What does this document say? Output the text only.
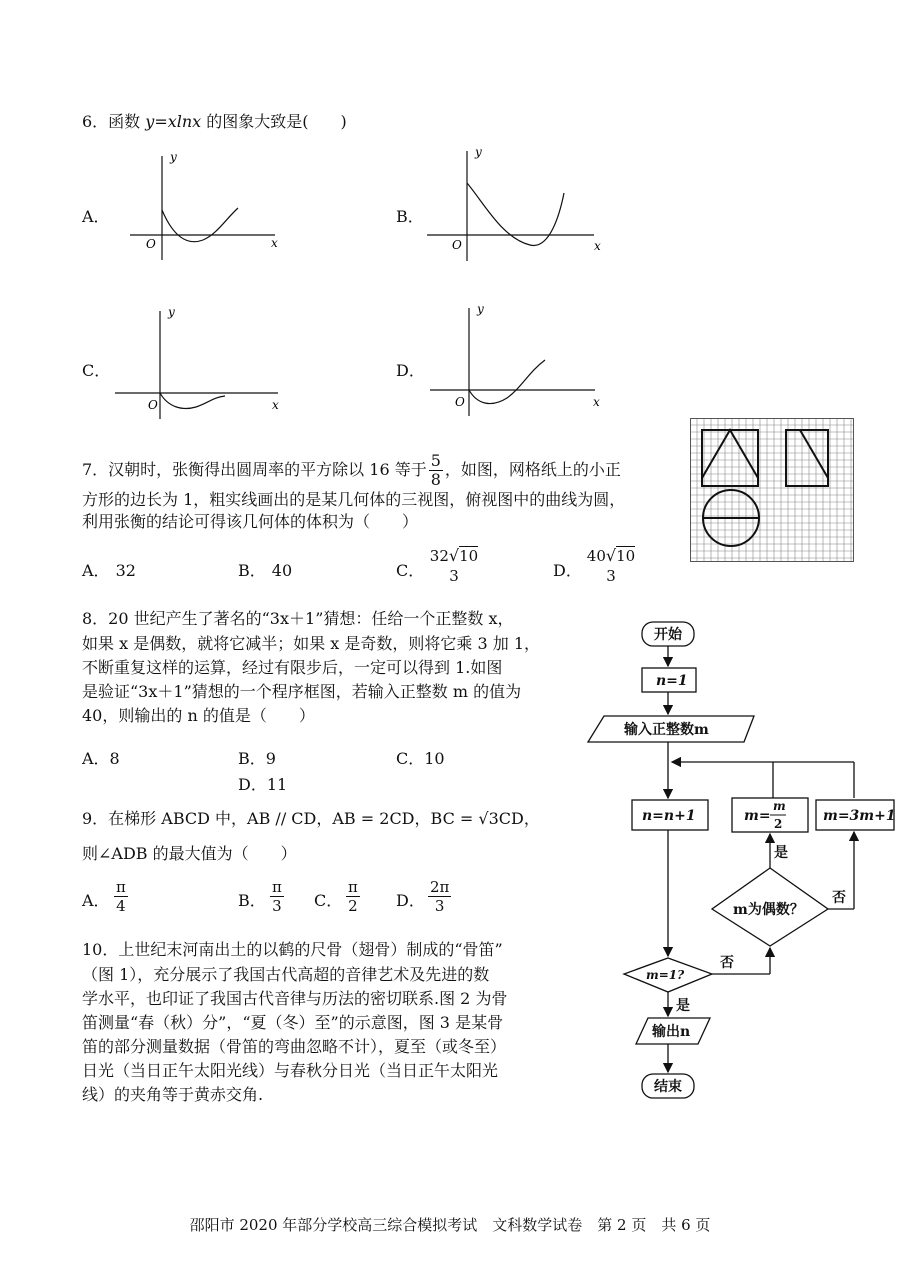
6．函数 y=xlnx 的图象大致是(　　)
A．	B．
C．	D．
y
x
O
y
x
O
y
x
O
y
x
O
7．汉朝时，张衡得出圆周率的平方除以 16 等于 $\frac{5}{8}$ ，如图，网格纸上的小正
方形的边长为 1，粗实线画出的是某几何体的三视图，俯视图中的曲线为圆，
利用张衡的结论可得该几何体的体积为（　　）
A． 32	B． 40	C．
32√10
3	D．
40√10
3
8．20 世纪产生了著名的“3x＋1”猜想：任给一个正整数 x，
如果 x 是偶数，就将它减半；如果 x 是奇数，则将它乘 3 加 1，
不断重复这样的运算，经过有限步后，一定可以得到 1.如图
是验证“3x＋1”猜想的一个程序框图，若输入正整数 m 的值为
40，则输出的 n 的值是（　　）
A．8	B．9	C．10
D．11
开始
n=1
输入正整数m
n=n+1	m=
m
2	m=3m+1
m为偶数？
m=1?
是
否
否
是
输出n
结束
9．在梯形 ABCD 中，AB // CD，AB = 2CD，BC = √3CD，
则∠ADB 的最大值为（　　）
A． $\frac{\pi}{4}$	B． $\frac{\pi}{3}$ C． $\frac{\pi}{2}$ D． $\frac{2\pi}{3}$
10．上世纪末河南出土的以鹤的尺骨（翅骨）制成的“骨笛”
（图 1），充分展示了我国古代高超的音律艺术及先进的数
学水平，也印证了我国古代音律与历法的密切联系.图 2 为骨
笛测量“春（秋）分”，“夏（冬）至”的示意图，图 3 是某骨
笛的部分测量数据（骨笛的弯曲忽略不计），夏至（或冬至）
日光（当日正午太阳光线）与春秋分日光（当日正午太阳光
线）的夹角等于黄赤交角.
邵阳市 2020 年部分学校高三综合模拟考试　文科数学试卷　第 2 页　共 6 页
